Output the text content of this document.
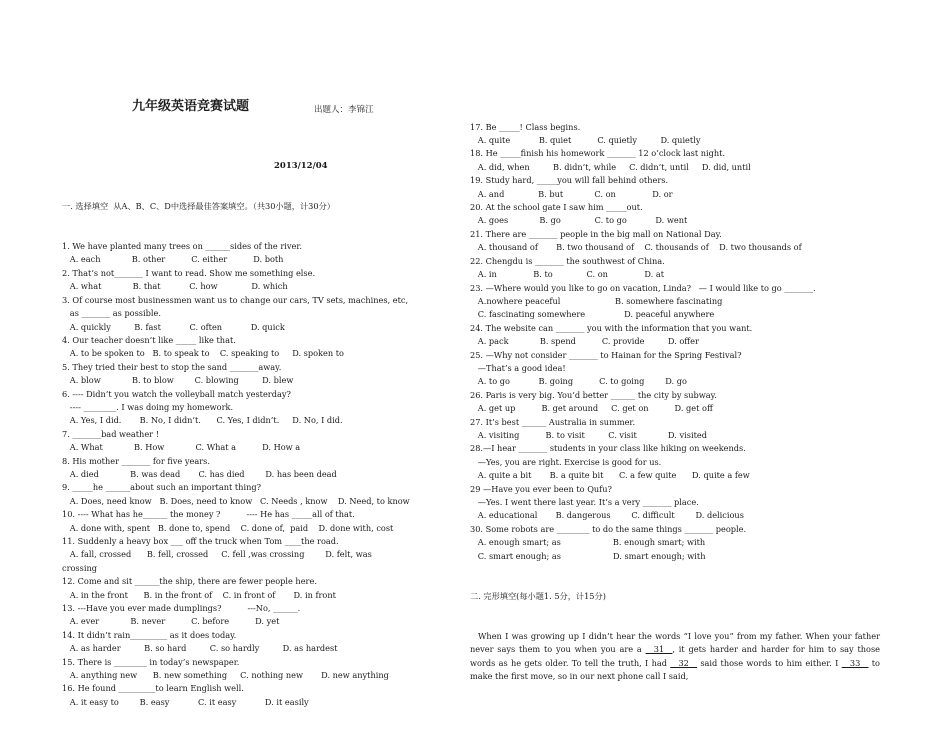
九年级英语竞赛试题

	出题人：李锦江

2013/12/04

一. 选择填空  从A、B、C、D中选择最佳答案填空。（共30小题，计30分）

1. We have planted many trees on ______sides of the river.
A. each            B. other          C. either          D. both
2. That’s not_______ I want to read. Show me something else.
A. what            B. that           C. how             D. which
3. Of course most businessmen want us to change our cars, TV sets, machines, etc,
as _______ as possible.
A. quickly         B. fast           C. often           D. quick
4. Our teacher doesn’t like _____ like that.
A. to be spoken to   B. to speak to    C. speaking to     D. spoken to
5. They tried their best to stop the sand _______away.
A. blow            B. to blow        C. blowing         D. blew
6. ---- Didn’t you watch the volleyball match yesterday?
---- ________. I was doing my homework.
A. Yes, I did.       B. No, I didn’t.      C. Yes, I didn’t.     D. No, I did.
7. _______bad weather !
A. What            B. How            C. What a          D. How a
8. His mother _______ for five years.
A. died            B. was dead       C. has died        D. has been dead
9. _____he ______about such an important thing?
A. Does, need know   B. Does, need to know   C. Needs , know    D. Need, to know
10. ---- What has he______ the money ?          ---- He has _____all of that.
A. done with, spent   B. done to, spend    C. done of,  paid    D. done with, cost
11. Suddenly a heavy box ___ off the truck when Tom ____the road.
A. fall, crossed      B. fell, crossed     C. fell ,was crossing        D. felt, was
crossing
12. Come and sit ______the ship, there are fewer people here.
A. in the front      B. in the front of    C. in front of       D. in front
13. ---Have you ever made dumplings?          ---No, ______.
A. ever            B. never          C. before          D. yet
14. It didn’t rain_________ as it does today.
A. as harder         B. so hard         C. so hardly         D. as hardest
15. There is ________ in today’s newspaper.
A. anything new      B. new something     C. nothing new       D. new anything
16. He found _________to learn English well.
A. it easy to        B. easy           C. it easy           D. it easily

17. Be _____! Class begins.
A. quite           B. quiet          C. quietly         D. quietly
18. He _____finish his homework _______ 12 o’clock last night.
A. did, when         B. didn’t, while     C. didn’t, until     D. did, until
19. Study hard, _____you will fall behind others.
A. and             B. but            C. on              D. or
20. At the school gate I saw him _____out.
A. goes            B. go             C. to go           D. went
21. There are _______ people in the big mall on National Day.
A. thousand of       B. two thousand of    C. thousands of    D. two thousands of
22. Chengdu is _______ the southwest of China.
A. in              B. to             C. on              D. at
23. —Where would you like to go on vacation, Linda?   — I would like to go _______.
A.nowhere peaceful                     B. somewhere fascinating
C. fascinating somewhere               D. peaceful anywhere
24. The website can _______ you with the information that you want.
A. pack            B. spend          C. provide         D. offer
25. —Why not consider _______ to Hainan for the Spring Festival?
—That’s a good idea!
A. to go           B. going          C. to going        D. go
26. Paris is very big. You’d better ______ the city by subway.
A. get up          B. get around     C. get on          D. get off
27. It’s best ______ Australia in summer.
A. visiting          B. to visit         C. visit            D. visited
28.—I hear _______ students in your class like hiking on weekends.
—Yes, you are right. Exercise is good for us.
A. quite a bit       B. a quite bit      C. a few quite      D. quite a few
29 —Have you ever been to Qufu?
—Yes. I went there last year. It’s a very _______ place.
A. educational       B. dangerous        C. difficult        D. delicious
30. Some robots are ________ to do the same things _______ people.
A. enough smart; as                    B. enough smart; with
C. smart enough; as                    D. smart enough; with

二. 完形填空(每小题1. 5分，计15分)

When I was growing up I didn’t hear the words “I love you” from my father. When your father never says them to you when you are a __31__, it gets harder and harder for him to say those words as he gets older. To tell the truth, I had __32__ said those words to him either. I __33__ to make the first move, so in our next phone call I said,
